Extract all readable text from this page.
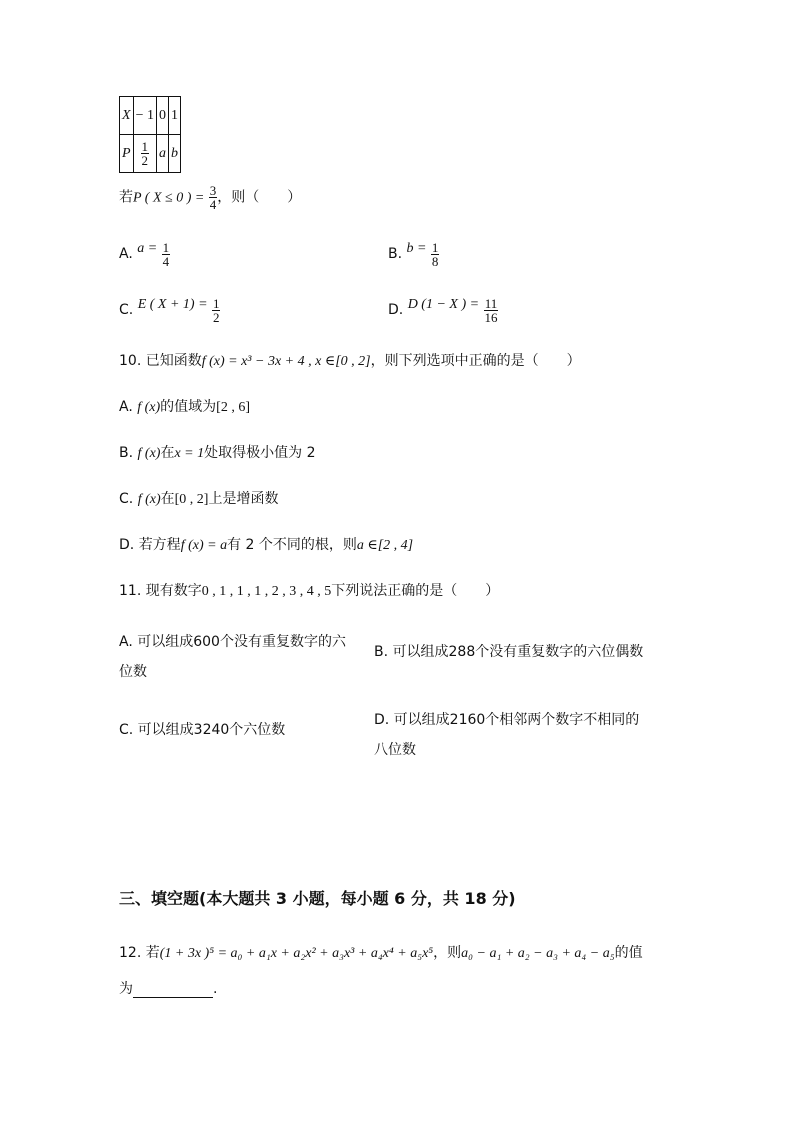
X	− 1	0	1
P	$\frac{1}{2}$	a	b
若P ( X ≤ 0 ) = $\frac{3}{4}$ ，则（　　）
A. $a = \frac{1}{4}$	B. $b = \frac{1}{8}$
C. E ( $X + 1) = \frac{1}{2}$	D. D (1 − X ) = $\frac{11}{16}$
10. 已知函数f (x) = x³ − 3x + 4 , x ∈[0 , 2]，则下列选项中正确的是（　　）
A. f (x)的值域为[2 , 6]
B. f (x)在x = 1处取得极小值为 2
C. f (x)在[0 , 2]上是增函数
D. 若方程f (x) = a有 2 个不同的根，则a ∈[2 , 4]
11. 现有数字0 , 1 , 1 , 1 , 2 , 3 , 4 , 5下列说法正确的是（　　）
A. 可以组成600个没有重复数字的六
位数
B. 可以组成288个没有重复数字的六位偶数
C. 可以组成3240个六位数
D. 可以组成2160个相邻两个数字不相同的
八位数
三、填空题(本大题共 3 小题，每小题 6 分，共 18 分)
12. 若(1 + 3x )⁵ = a₀ + a₁x + a₂x² + a₃x³ + a₄x⁴ + a₅x⁵，则a₀ − a₁ + a₂ − a₃ + a₄ − a₅的值
为	.
